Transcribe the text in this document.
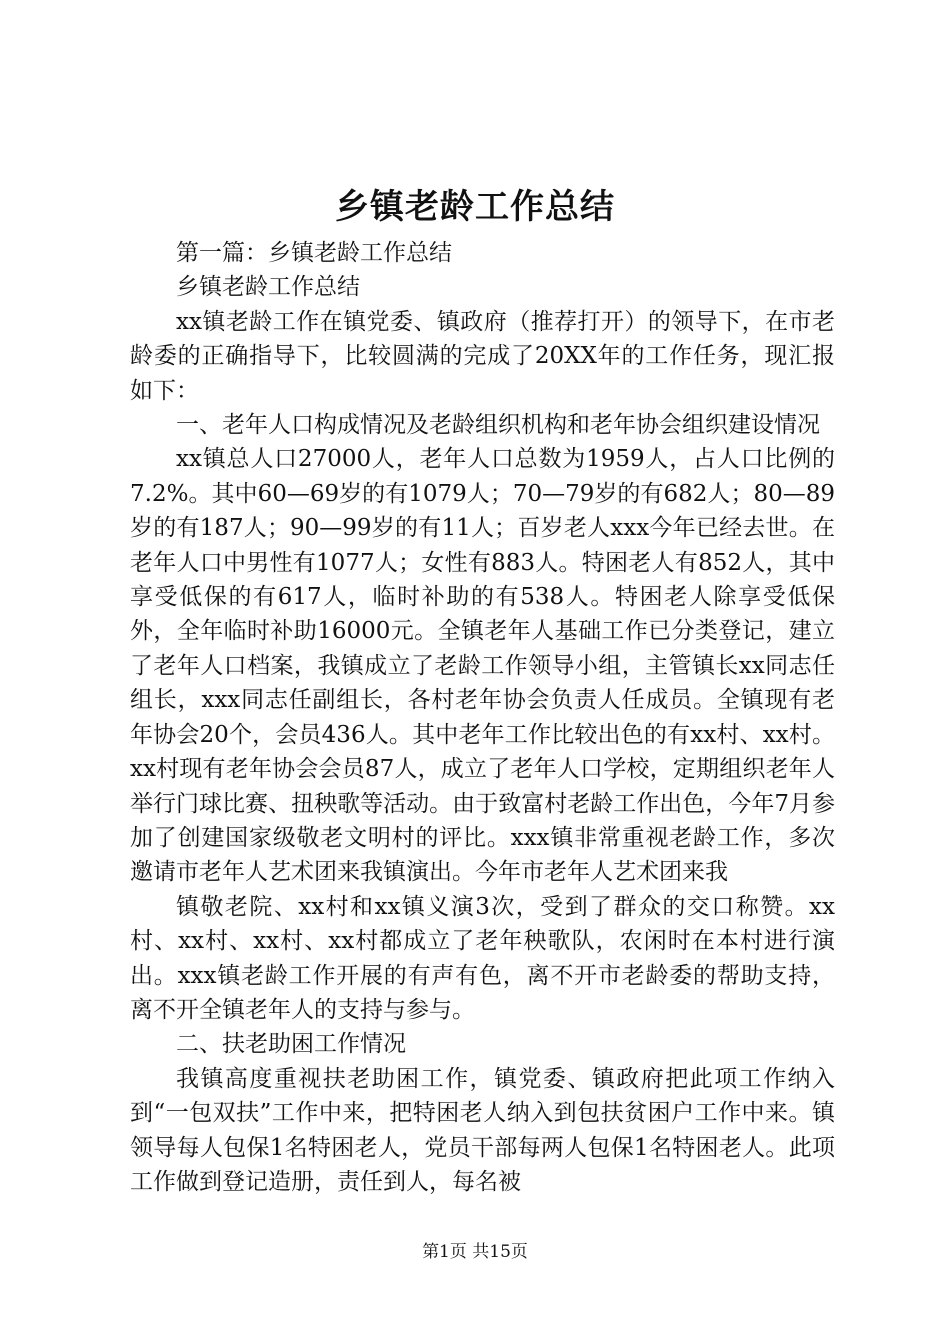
乡镇老龄工作总结

第一篇：乡镇老龄工作总结

乡镇老龄工作总结

xx镇老龄工作在镇党委、镇政府（推荐打开）的领导下，在市老龄委的正确指导下，比较圆满的完成了20XX年的工作任务，现汇报如下：

一、老年人口构成情况及老龄组织机构和老年协会组织建设情况

xx镇总人口27000人，老年人口总数为1959人，占人口比例的7.2%。其中60—69岁的有1079人；70—79岁的有682人；80—89岁的有187人；90—99岁的有11人；百岁老人xxx今年已经去世。在老年人口中男性有1077人；女性有883人。特困老人有852人，其中享受低保的有617人，临时补助的有538人。特困老人除享受低保外，全年临时补助16000元。全镇老年人基础工作已分类登记，建立了老年人口档案，我镇成立了老龄工作领导小组，主管镇长xx同志任组长，xxx同志任副组长，各村老年协会负责人任成员。全镇现有老年协会20个，会员436人。其中老年工作比较出色的有xx村、xx村。xx村现有老年协会会员87人，成立了老年人口学校，定期组织老年人举行门球比赛、扭秧歌等活动。由于致富村老龄工作出色，今年7月参加了创建国家级敬老文明村的评比。xxx镇非常重视老龄工作，多次邀请市老年人艺术团来我镇演出。今年市老年人艺术团来我

镇敬老院、xx村和xx镇义演3次，受到了群众的交口称赞。xx村、xx村、xx村、xx村都成立了老年秧歌队，农闲时在本村进行演出。xxx镇老龄工作开展的有声有色，离不开市老龄委的帮助支持，离不开全镇老年人的支持与参与。

二、扶老助困工作情况

我镇高度重视扶老助困工作，镇党委、镇政府把此项工作纳入到“一包双扶”工作中来，把特困老人纳入到包扶贫困户工作中来。镇领导每人包保1名特困老人，党员干部每两人包保1名特困老人。此项工作做到登记造册，责任到人，每名被

第1页 共15页
